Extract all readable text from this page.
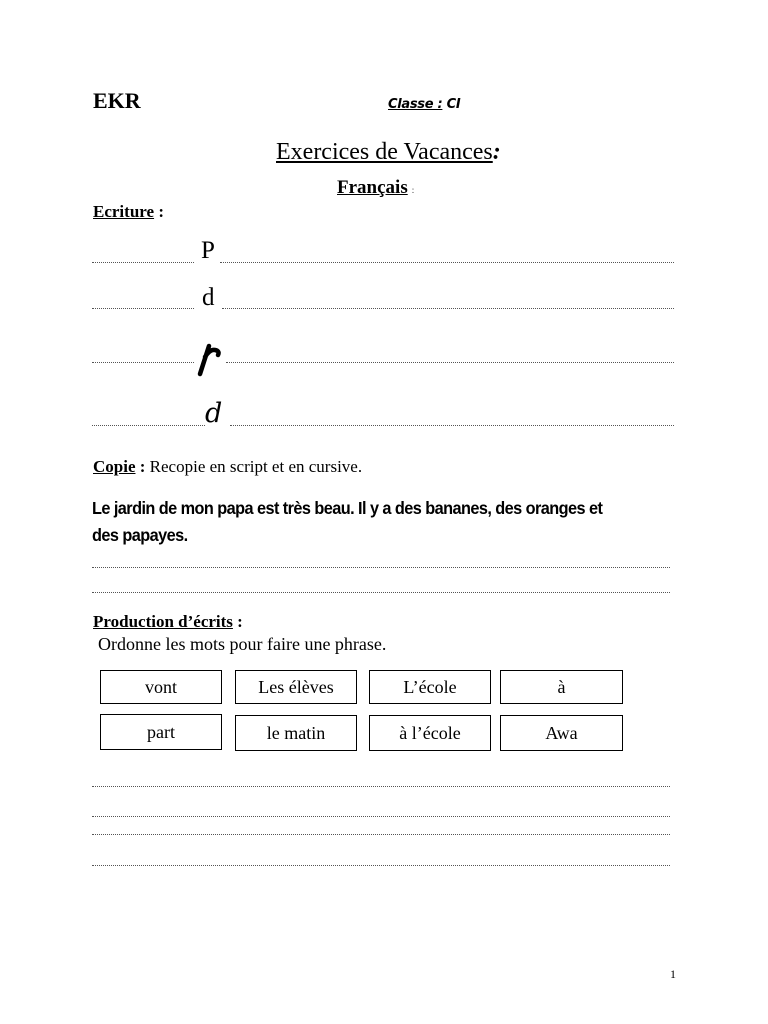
EKR	Classe : CI
Exercices de Vacances:
Français :
Ecriture :
P
d
d
Copie : Recopie en script et en cursive.
Le jardin de mon papa est très beau. Il y a des bananes, des oranges et des papayes.
Production d’écrits :
Ordonne les mots pour faire une phrase.
vont	Les élèves	L’école	à
part	le matin	à l’école	Awa
1
